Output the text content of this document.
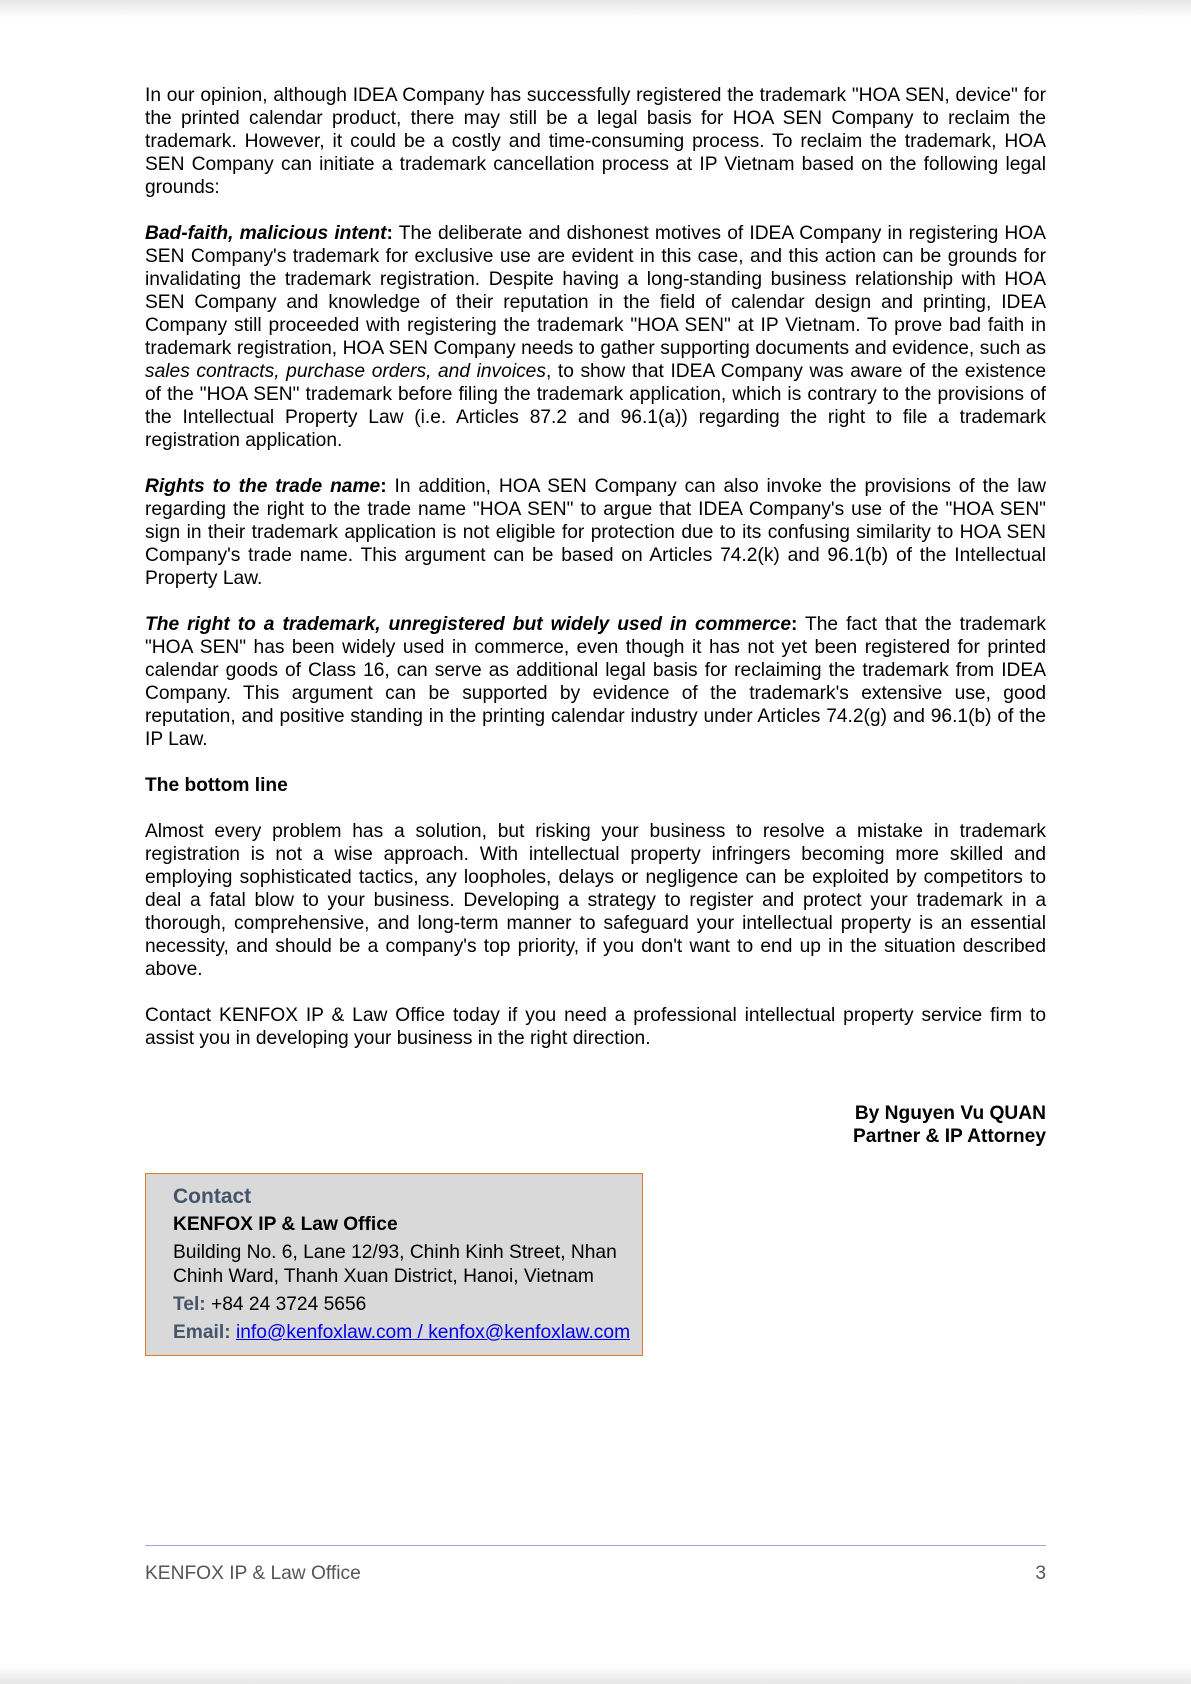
In our opinion, although IDEA Company has successfully registered the trademark "HOA SEN, device" for the printed calendar product, there may still be a legal basis for HOA SEN Company to reclaim the trademark. However, it could be a costly and time-consuming process. To reclaim the trademark, HOA SEN Company can initiate a trademark cancellation process at IP Vietnam based on the following legal grounds:

Bad-faith, malicious intent: The deliberate and dishonest motives of IDEA Company in registering HOA SEN Company's trademark for exclusive use are evident in this case, and this action can be grounds for invalidating the trademark registration. Despite having a long-standing business relationship with HOA SEN Company and knowledge of their reputation in the field of calendar design and printing, IDEA Company still proceeded with registering the trademark "HOA SEN" at IP Vietnam. To prove bad faith in trademark registration, HOA SEN Company needs to gather supporting documents and evidence, such as sales contracts, purchase orders, and invoices, to show that IDEA Company was aware of the existence of the "HOA SEN" trademark before filing the trademark application, which is contrary to the provisions of the Intellectual Property Law (i.e. Articles 87.2 and 96.1(a)) regarding the right to file a trademark registration application.

Rights to the trade name: In addition, HOA SEN Company can also invoke the provisions of the law regarding the right to the trade name "HOA SEN" to argue that IDEA Company's use of the "HOA SEN" sign in their trademark application is not eligible for protection due to its confusing similarity to HOA SEN Company's trade name. This argument can be based on Articles 74.2(k) and 96.1(b) of the Intellectual Property Law.

The right to a trademark, unregistered but widely used in commerce: The fact that the trademark "HOA SEN" has been widely used in commerce, even though it has not yet been registered for printed calendar goods of Class 16, can serve as additional legal basis for reclaiming the trademark from IDEA Company. This argument can be supported by evidence of the trademark's extensive use, good reputation, and positive standing in the printing calendar industry under Articles 74.2(g) and 96.1(b) of the IP Law.

The bottom line

Almost every problem has a solution, but risking your business to resolve a mistake in trademark registration is not a wise approach. With intellectual property infringers becoming more skilled and employing sophisticated tactics, any loopholes, delays or negligence can be exploited by competitors to deal a fatal blow to your business. Developing a strategy to register and protect your trademark in a thorough, comprehensive, and long-term manner to safeguard your intellectual property is an essential necessity, and should be a company's top priority, if you don't want to end up in the situation described above.

Contact KENFOX IP & Law Office today if you need a professional intellectual property service firm to assist you in developing your business in the right direction.

By Nguyen Vu QUAN
Partner & IP Attorney
Contact
KENFOX IP & Law Office
Building No. 6, Lane 12/93, Chinh Kinh Street, Nhan
Chinh Ward, Thanh Xuan District, Hanoi, Vietnam
Tel: +84 24 3724 5656
Email: info@kenfoxlaw.com / kenfox@kenfoxlaw.com
KENFOX IP & Law Office	3
